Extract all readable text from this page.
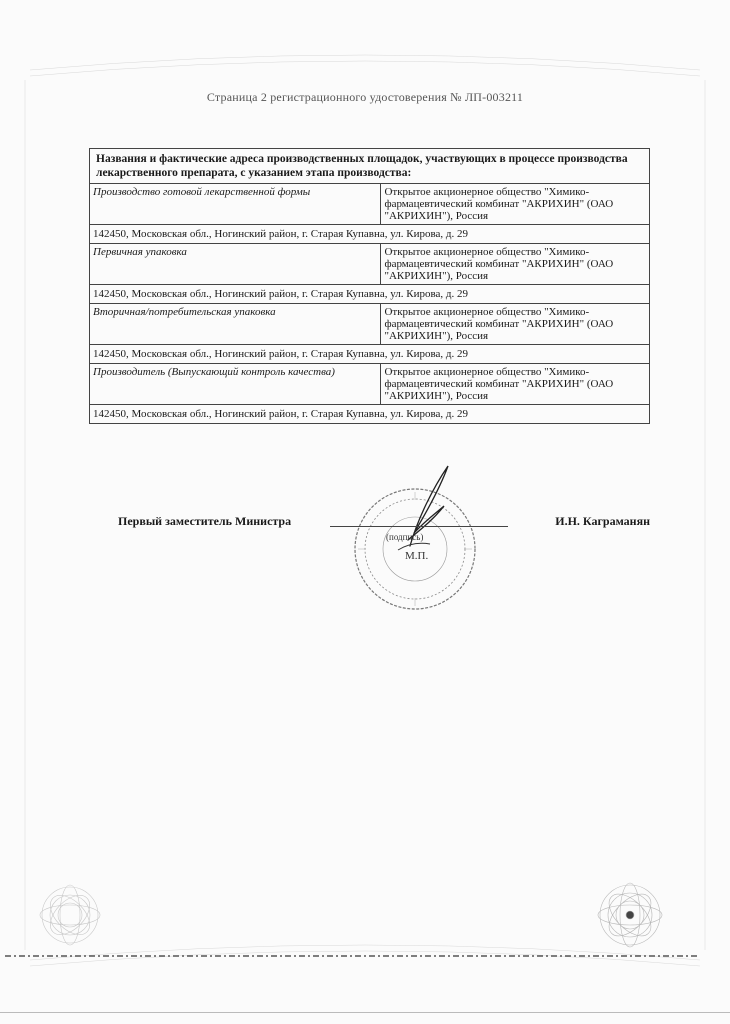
Страница 2 регистрационного удостоверения № ЛП-003211
Названия и фактические адреса производственных площадок, участвующих в процессе производства лекарственного препарата, с указанием этапа производства:	
Производство готовой лекарственной формы	Открытое акционерное общество "Химико-фармацевтический комбинат "АКРИХИН" (ОАО "АКРИХИН"), Россия
142450, Московская обл., Ногинский район, г. Старая Купавна, ул. Кирова, д. 29	
Первичная упаковка	Открытое акционерное общество "Химико-фармацевтический комбинат "АКРИХИН" (ОАО "АКРИХИН"), Россия
142450, Московская обл., Ногинский район, г. Старая Купавна, ул. Кирова, д. 29	
Вторичная/потребительская упаковка	Открытое акционерное общество "Химико-фармацевтический комбинат "АКРИХИН" (ОАО "АКРИХИН"), Россия
142450, Московская обл., Ногинский район, г. Старая Купавна, ул. Кирова, д. 29	
Производитель (Выпускающий контроль качества)	Открытое акционерное общество "Химико-фармацевтический комбинат "АКРИХИН" (ОАО "АКРИХИН"), Россия
142450, Московская обл., Ногинский район, г. Старая Купавна, ул. Кирова, д. 29	
Первый заместитель Министра	И.Н. Каграманян
(подпись)
М.П.
